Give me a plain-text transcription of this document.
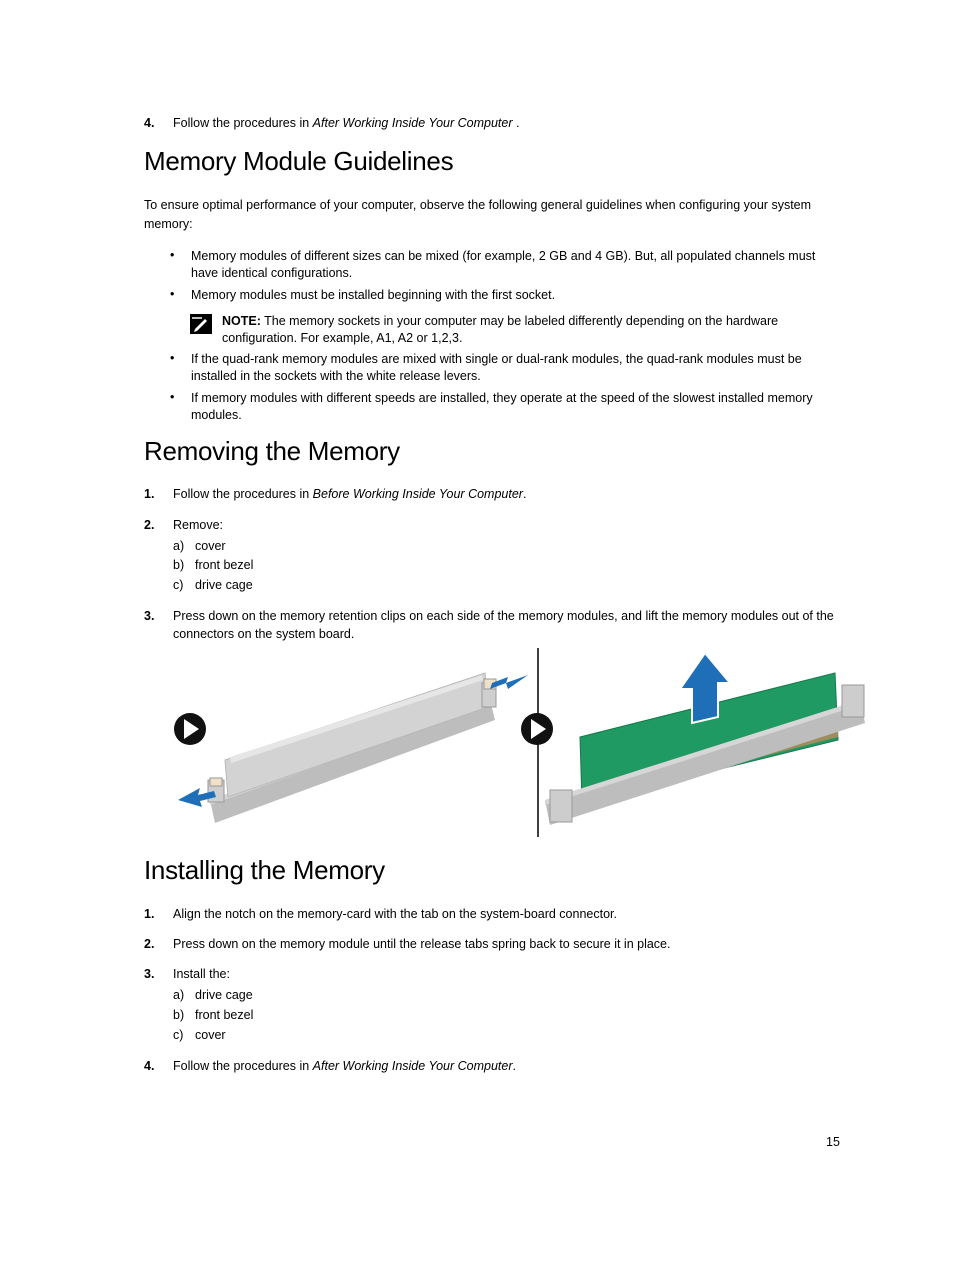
4. Follow the procedures in After Working Inside Your Computer .
Memory Module Guidelines
To ensure optimal performance of your computer, observe the following general guidelines when configuring your system memory:
• Memory modules of different sizes can be mixed (for example, 2 GB and 4 GB). But, all populated channels must have identical configurations.
• Memory modules must be installed beginning with the first socket.
NOTE: The memory sockets in your computer may be labeled differently depending on the hardware configuration. For example, A1, A2 or 1,2,3.
• If the quad-rank memory modules are mixed with single or dual-rank modules, the quad-rank modules must be installed in the sockets with the white release levers.
• If memory modules with different speeds are installed, they operate at the speed of the slowest installed memory modules.
Removing the Memory
1. Follow the procedures in Before Working Inside Your Computer.
2. Remove:
a) cover
b) front bezel
c) drive cage
3. Press down on the memory retention clips on each side of the memory modules, and lift the memory modules out of the connectors on the system board.
Installing the Memory
1. Align the notch on the memory-card with the tab on the system-board connector.
2. Press down on the memory module until the release tabs spring back to secure it in place.
3. Install the:
a) drive cage
b) front bezel
c) cover
4. Follow the procedures in After Working Inside Your Computer.
15
